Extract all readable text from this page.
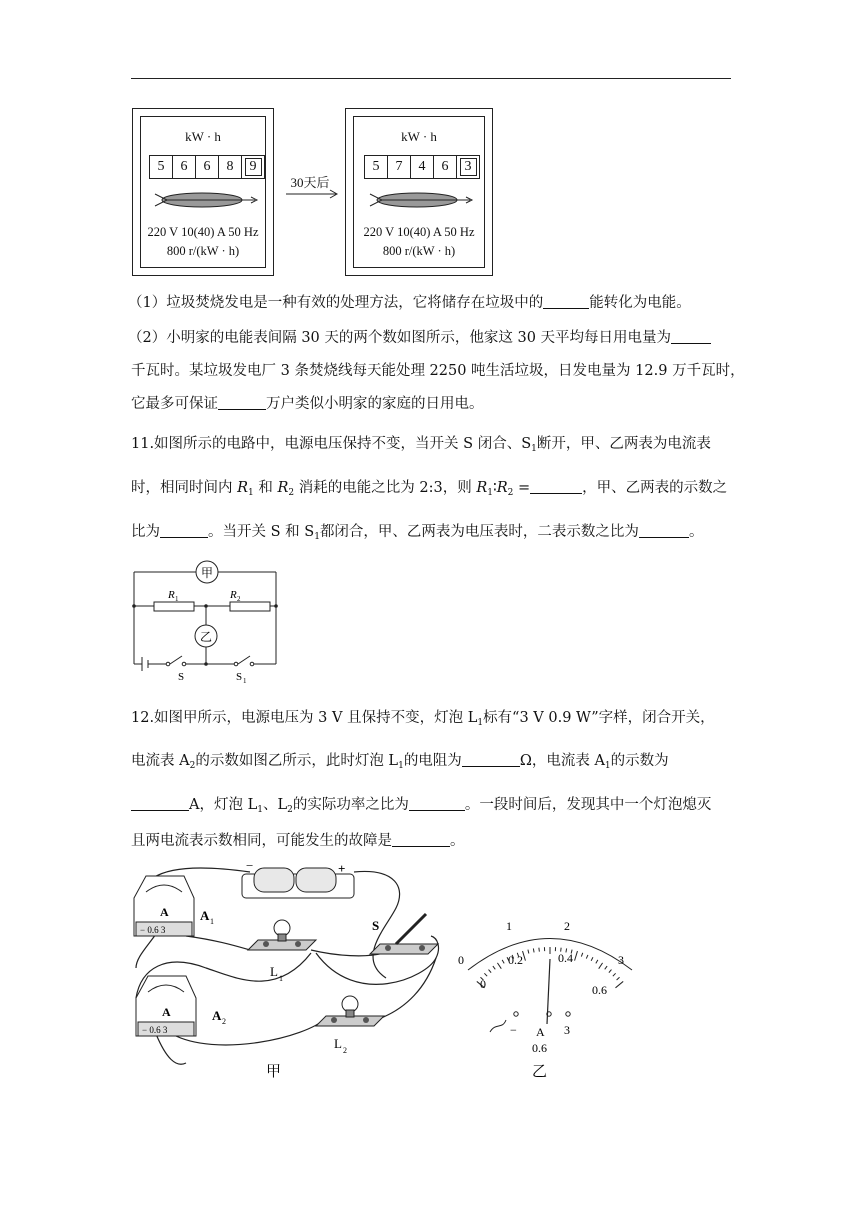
kW · h
5	6	6	8	9
220 V 10(40) A 50 Hz
800 r/(kW · h)
30天后
kW · h
5	7	4	6	3
220 V 10(40) A 50 Hz
800 r/(kW · h)
（1）垃圾焚烧发电是一种有效的处理方法，它将储存在垃圾中的	能转化为电能。
（2）小明家的电能表间隔 30 天的两个数如图所示，他家这 30 天平均每日用电量为
千瓦时。某垃圾发电厂 3 条焚烧线每天能处理 2250 吨生活垃圾，日发电量为 12.9 万千瓦时，
它最多可保证	万户类似小明家的家庭的日用电。
11.如图所示的电路中，电源电压保持不变，当开关 S 闭合、$S_1$断开，甲、乙两表为电流表
时，相同时间内 $R_1$ 和 $R_2$ 消耗的电能之比为 2:3，则 $R_1∶R_2$ =	，甲、乙两表的示数之
比为	。当开关 S 和 $S_1$都闭合，甲、乙两表为电压表时，二表示数之比为	。
甲
乙
R 1	R 2
S	S 1
12.如图甲所示，电源电压为 3 V 且保持不变，灯泡 $L_1$标有“3 V 0.9 W”字样，闭合开关，
电流表 $A_2$的示数如图乙所示，此时灯泡 $L_1$的电阻为	Ω，电流表 $A_1$的示数为
A，灯泡 $L_1$、$L_2$的实际功率之比为	。一段时间后，发现其中一个灯泡熄灭
且两电流表示数相同，可能发生的故障是	。
−	+
A
− 0.6 3
A 1
A
− 0.6 3
A 2
L 1
L 2
S
甲
0
1	2
3
0
0.2	0.4
0.6
A
−
0.6
3
乙
